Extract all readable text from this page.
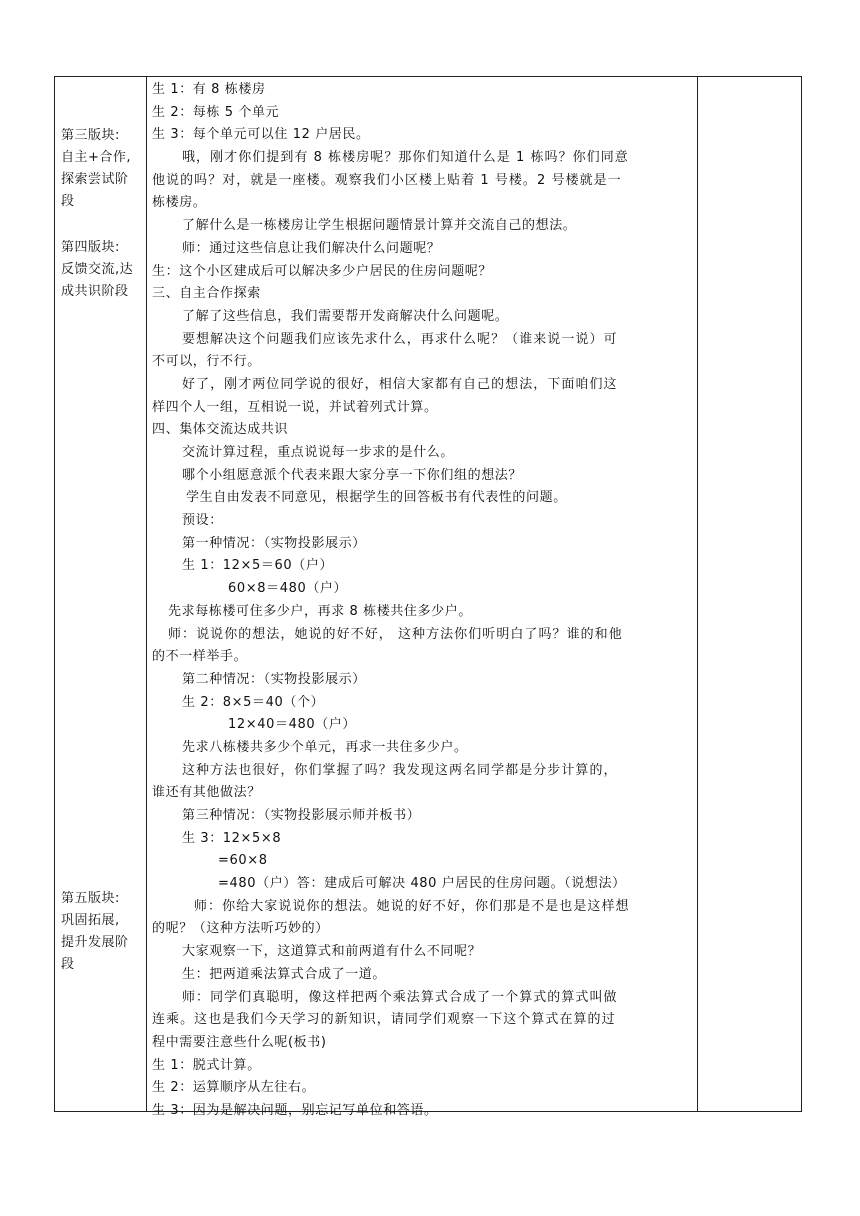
第三版块:
自主+合作,
探索尝试阶
段
第四版块:
反馈交流,达
成共识阶段
第五版块:
巩固拓展,
提升发展阶
段
生 1：有 8 栋楼房
生 2：每栋 5 个单元
生 3：每个单元可以住 12 户居民。
哦，刚才你们提到有 8 栋楼房呢？那你们知道什么是 1 栋吗？你们同意
他说的吗？对，就是一座楼。观察我们小区楼上贴着 1 号楼。2 号楼就是一
栋楼房。
了解什么是一栋楼房让学生根据问题情景计算并交流自己的想法。
师：通过这些信息让我们解决什么问题呢？
生：这个小区建成后可以解决多少户居民的住房问题呢？
三、自主合作探索
了解了这些信息，我们需要帮开发商解决什么问题呢。
要想解决这个问题我们应该先求什么，再求什么呢？（谁来说一说）可
不可以，行不行。
好了，刚才两位同学说的很好，相信大家都有自己的想法，下面咱们这
样四个人一组，互相说一说，并试着列式计算。
四、集体交流达成共识
交流计算过程，重点说说每一步求的是什么。
哪个小组愿意派个代表来跟大家分享一下你们组的想法？
学生自由发表不同意见，根据学生的回答板书有代表性的问题。
预设：
第一种情况：（实物投影展示）
生 1：12×5＝60（户）
60×8＝480（户）
先求每栋楼可住多少户，再求 8 栋楼共住多少户。
师：说说你的想法，她说的好不好， 这种方法你们听明白了吗？谁的和他
的不一样举手。
第二种情况：（实物投影展示）
生 2：8×5＝40（个）
12×40＝480（户）
先求八栋楼共多少个单元，再求一共住多少户。
这种方法也很好，你们掌握了吗？我发现这两名同学都是分步计算的，
谁还有其他做法？
第三种情况：（实物投影展示师并板书）
生 3：12×5×8
=60×8
=480（户）答：建成后可解决 480 户居民的住房问题。（说想法）
师：你给大家说说你的想法。她说的好不好，你们那是不是也是这样想
的呢？（这种方法听巧妙的）
大家观察一下，这道算式和前两道有什么不同呢？
生：把两道乘法算式合成了一道。
师：同学们真聪明，像这样把两个乘法算式合成了一个算式的算式叫做
连乘。这也是我们今天学习的新知识，请同学们观察一下这个算式在算的过
程中需要注意些什么呢(板书)
生 1：脱式计算。
生 2：运算顺序从左往右。
生 3：因为是解决问题，别忘记写单位和答语。
